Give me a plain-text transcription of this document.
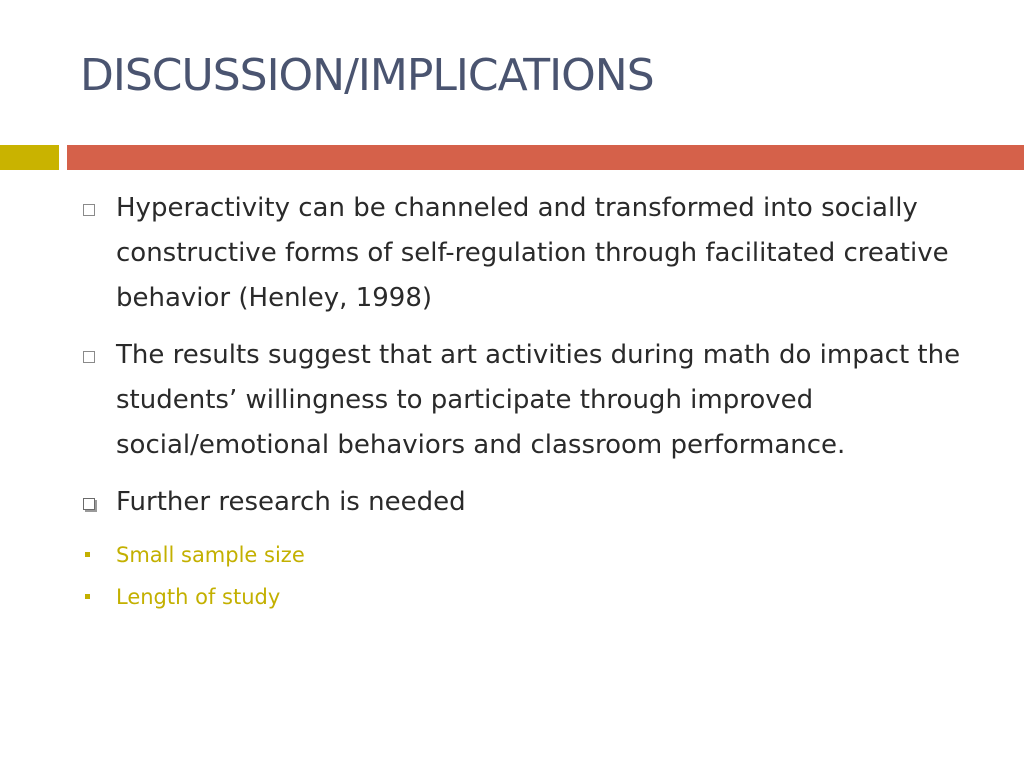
DISCUSSION/IMPLICATIONS
Hyperactivity can be channeled and transformed into socially constructive forms of self-regulation through facilitated creative behavior (Henley, 1998)
The results suggest that art activities during math do impact the students’ willingness to participate through improved social/emotional behaviors and classroom performance.
Further research is needed
Small sample size
Length of study
